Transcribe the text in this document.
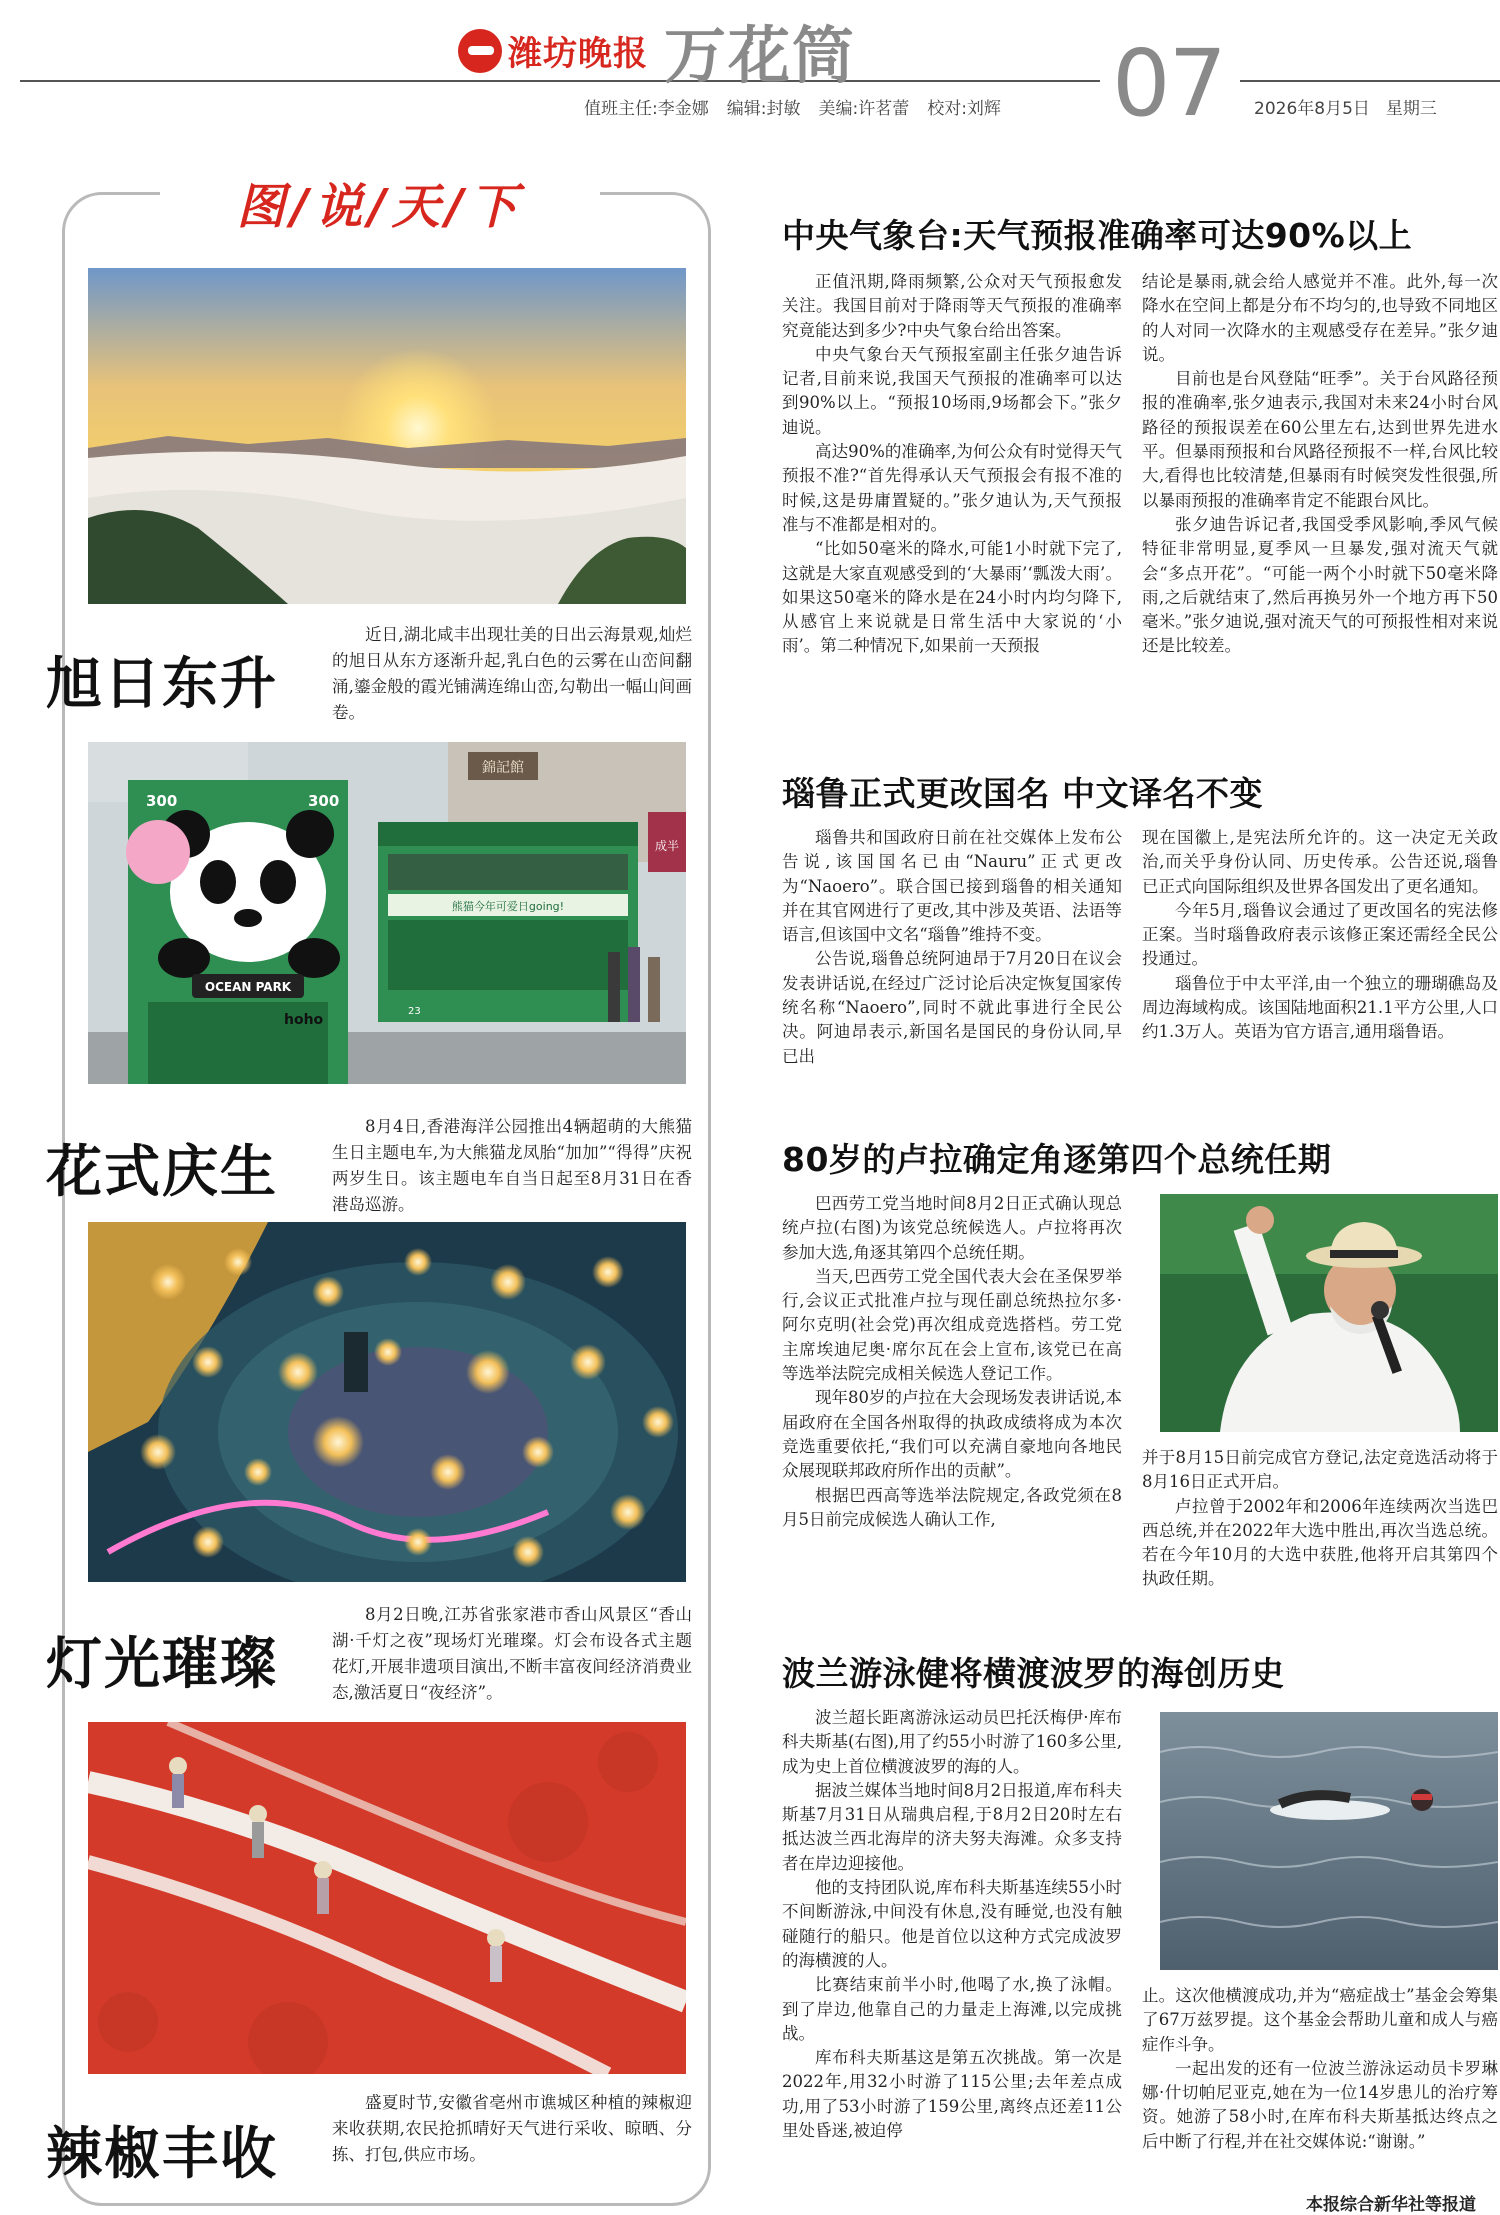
潍坊晚报 万花筒	07
值班主任:李金娜 编辑:封敏 美编:许茗蕾 校对:刘辉	2026年8月5日 星期三
图/说/天/下
旭日东升
近日,湖北咸丰出现壮美的日出云海景观,灿烂的旭日从东方逐渐升起,乳白色的云雾在山峦间翻涌,鎏金般的霞光铺满连绵山峦,勾勒出一幅山间画卷。
300	300
OCEAN PARK
hoho
熊猫今年可爱日going!
23
錦記館
成半
花式庆生
8月4日,香港海洋公园推出4辆超萌的大熊猫生日主题电车,为大熊猫龙凤胎“加加”“得得”庆祝两岁生日。该主题电车自当日起至8月31日在香港岛巡游。
灯光璀璨
8月2日晚,江苏省张家港市香山风景区“香山湖·千灯之夜”现场灯光璀璨。灯会布设各式主题花灯,开展非遗项目演出,不断丰富夜间经济消费业态,激活夏日“夜经济”。
辣椒丰收
盛夏时节,安徽省亳州市谯城区种植的辣椒迎来收获期,农民抢抓晴好天气进行采收、晾晒、分拣、打包,供应市场。
中央气象台:天气预报准确率可达90%以上

正值汛期,降雨频繁,公众对天气预报愈发关注。我国目前对于降雨等天气预报的准确率究竟能达到多少?中央气象台给出答案。

中央气象台天气预报室副主任张夕迪告诉记者,目前来说,我国天气预报的准确率可以达到90%以上。“预报10场雨,9场都会下。”张夕迪说。

高达90%的准确率,为何公众有时觉得天气预报不准?“首先得承认天气预报会有报不准的时候,这是毋庸置疑的。”张夕迪认为,天气预报准与不准都是相对的。

“比如50毫米的降水,可能1小时就下完了,这就是大家直观感受到的‘大暴雨’‘瓢泼大雨’。如果这50毫米的降水是在24小时内均匀降下,从感官上来说就是日常生活中大家说的‘小雨’。第二种情况下,如果前一天预报

结论是暴雨,就会给人感觉并不准。此外,每一次降水在空间上都是分布不均匀的,也导致不同地区的人对同一次降水的主观感受存在差异。”张夕迪说。

目前也是台风登陆“旺季”。关于台风路径预报的准确率,张夕迪表示,我国对未来24小时台风路径的预报误差在60公里左右,达到世界先进水平。但暴雨预报和台风路径预报不一样,台风比较大,看得也比较清楚,但暴雨有时候突发性很强,所以暴雨预报的准确率肯定不能跟台风比。

张夕迪告诉记者,我国受季风影响,季风气候特征非常明显,夏季风一旦暴发,强对流天气就会“多点开花”。“可能一两个小时就下50毫米降雨,之后就结束了,然后再换另外一个地方再下50毫米。”张夕迪说,强对流天气的可预报性相对来说还是比较差。

瑙鲁正式更改国名 中文译名不变

瑙鲁共和国政府日前在社交媒体上发布公告说,该国国名已由“Nauru”正式更改为“Naoero”。联合国已接到瑙鲁的相关通知并在其官网进行了更改,其中涉及英语、法语等语言,但该国中文名“瑙鲁”维持不变。

公告说,瑙鲁总统阿迪昂于7月20日在议会发表讲话说,在经过广泛讨论后决定恢复国家传统名称“Naoero”,同时不就此事进行全民公决。阿迪昂表示,新国名是国民的身份认同,早已出

现在国徽上,是宪法所允许的。这一决定无关政治,而关乎身份认同、历史传承。公告还说,瑙鲁已正式向国际组织及世界各国发出了更名通知。

今年5月,瑙鲁议会通过了更改国名的宪法修正案。当时瑙鲁政府表示该修正案还需经全民公投通过。

瑙鲁位于中太平洋,由一个独立的珊瑚礁岛及周边海域构成。该国陆地面积21.1平方公里,人口约1.3万人。英语为官方语言,通用瑙鲁语。

80岁的卢拉确定角逐第四个总统任期

巴西劳工党当地时间8月2日正式确认现总统卢拉(右图)为该党总统候选人。卢拉将再次参加大选,角逐其第四个总统任期。

当天,巴西劳工党全国代表大会在圣保罗举行,会议正式批准卢拉与现任副总统热拉尔多·阿尔克明(社会党)再次组成竞选搭档。劳工党主席埃迪尼奥·席尔瓦在会上宣布,该党已在高等选举法院完成相关候选人登记工作。

现年80岁的卢拉在大会现场发表讲话说,本届政府在全国各州取得的执政成绩将成为本次竞选重要依托,“我们可以充满自豪地向各地民众展现联邦政府所作出的贡献”。

根据巴西高等选举法院规定,各政党须在8月5日前完成候选人确认工作,

并于8月15日前完成官方登记,法定竞选活动将于8月16日正式开启。

卢拉曾于2002年和2006年连续两次当选巴西总统,并在2022年大选中胜出,再次当选总统。若在今年10月的大选中获胜,他将开启其第四个执政任期。

波兰游泳健将横渡波罗的海创历史

波兰超长距离游泳运动员巴托沃梅伊·库布科夫斯基(右图),用了约55小时游了160多公里,成为史上首位横渡波罗的海的人。

据波兰媒体当地时间8月2日报道,库布科夫斯基7月31日从瑞典启程,于8月2日20时左右抵达波兰西北海岸的济夫努夫海滩。众多支持者在岸边迎接他。

他的支持团队说,库布科夫斯基连续55小时不间断游泳,中间没有休息,没有睡觉,也没有触碰随行的船只。他是首位以这种方式完成波罗的海横渡的人。

比赛结束前半小时,他喝了水,换了泳帽。到了岸边,他靠自己的力量走上海滩,以完成挑战。

库布科夫斯基这是第五次挑战。第一次是2022年,用32小时游了115公里;去年差点成功,用了53小时游了159公里,离终点还差11公里处昏迷,被迫停

止。这次他横渡成功,并为“癌症战士”基金会筹集了67万兹罗提。这个基金会帮助儿童和成人与癌症作斗争。

一起出发的还有一位波兰游泳运动员卡罗琳娜·什切帕尼亚克,她在为一位14岁患儿的治疗筹资。她游了58小时,在库布科夫斯基抵达终点之后中断了行程,并在社交媒体说:“谢谢。”

本报综合新华社等报道
